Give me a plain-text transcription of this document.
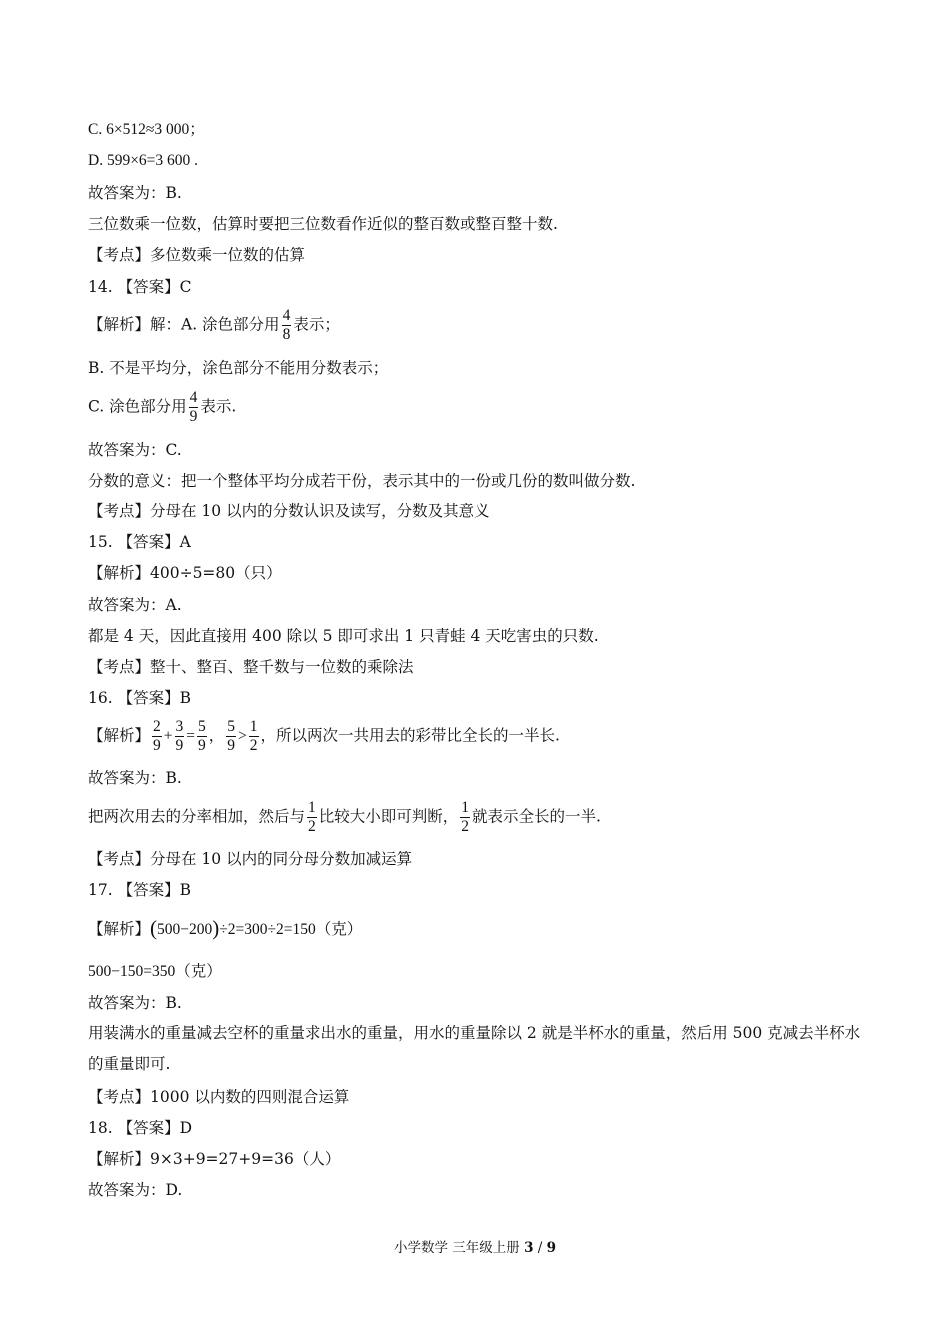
C. 6×512≈3 000；
D. 599×6=3 600 .
故答案为：B.
三位数乘一位数，估算时要把三位数看作近似的整百数或整百整十数.
【考点】多位数乘一位数的估算
14. 【答案】C
【解析】解：A. 涂色部分用 $\frac{4}{8}$ 表示；
B. 不是平均分，涂色部分不能用分数表示；
C. 涂色部分用 $\frac{4}{9}$ 表示.
故答案为：C.
分数的意义：把一个整体平均分成若干份，表示其中的一份或几份的数叫做分数.
【考点】分母在 10 以内的分数认识及读写，分数及其意义
15. 【答案】A
【解析】400÷5=80（只）
故答案为：A.
都是 4 天，因此直接用 400 除以 5 即可求出 1 只青蛙 4 天吃害虫的只数.
【考点】整十、整百、整千数与一位数的乘除法
16. 【答案】B
【解析】 $\frac{2}{9} + \frac{3}{9} = \frac{5}{9}$ ， $\frac{5}{9} > \frac{1}{2}$ ，所以两次一共用去的彩带比全长的一半长.
故答案为：B.
把两次用去的分率相加，然后与 $\frac{1}{2}$ 比较大小即可判断， $\frac{1}{2}$ 就表示全长的一半.
【考点】分母在 10 以内的同分母分数加减运算
17. 【答案】B
【解析】(500−200)÷2=300÷2=150（克）
500−150=350（克）
故答案为：B.
用装满水的重量减去空杯的重量求出水的重量，用水的重量除以 2 就是半杯水的重量，然后用 500 克减去半杯水的重量即可.
【考点】1000 以内数的四则混合运算
18. 【答案】D
【解析】9×3+9=27+9=36（人）
故答案为：D.
小学数学 三年级上册 3 / 9
